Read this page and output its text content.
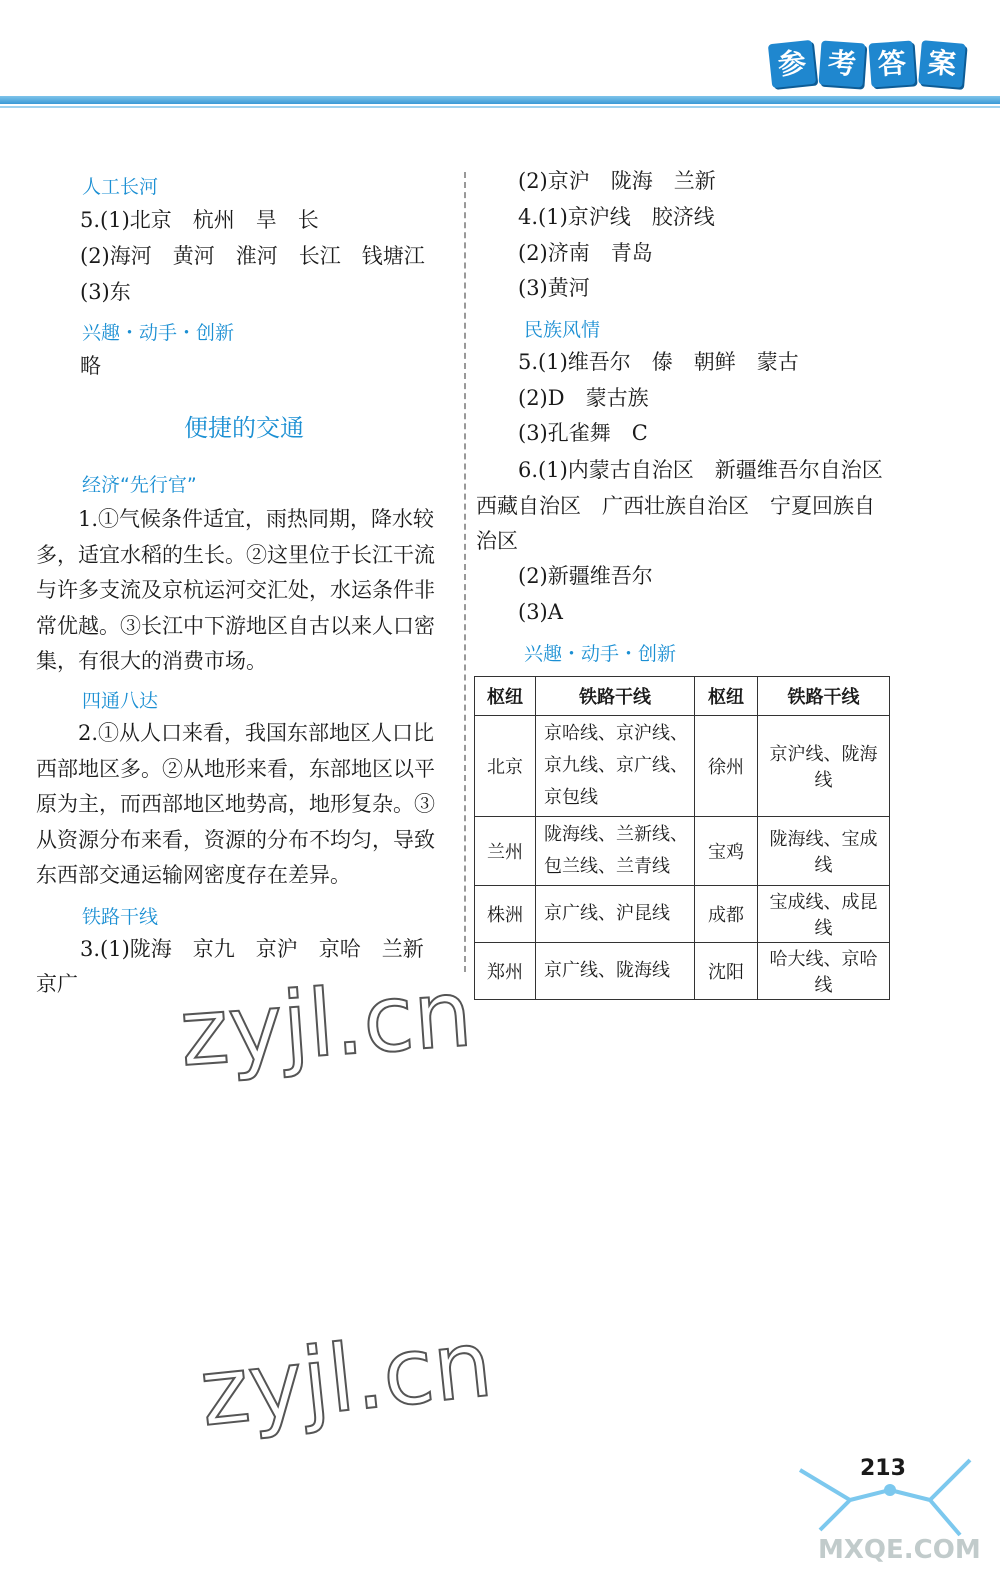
参 考 答 案
人工长河
5.(1)北京　杭州　旱　长
(2)海河　黄河　淮河　长江　钱塘江
(3)东
兴趣・动手・创新
略
便捷的交通
经济“先行官”
1.①气候条件适宜，雨热同期，降水较多，适宜水稻的生长。②这里位于长江干流与许多支流及京杭运河交汇处，水运条件非常优越。③长江中下游地区自古以来人口密集，有很大的消费市场。
四通八达
2.①从人口来看，我国东部地区人口比西部地区多。②从地形来看，东部地区以平原为主，而西部地区地势高，地形复杂。③从资源分布来看，资源的分布不均匀，导致东西部交通运输网密度存在差异。
铁路干线
3.(1)陇海　京九　京沪　京哈　兰新
京广
(2)京沪　陇海　兰新
4.(1)京沪线　胶济线
(2)济南　青岛
(3)黄河
民族风情
5.(1)维吾尔　傣　朝鲜　蒙古
(2)D　蒙古族
(3)孔雀舞　C
6.(1)内蒙古自治区　新疆维吾尔自治区　西藏自治区　广西壮族自治区　宁夏回族自治区
(2)新疆维吾尔
(3)A
兴趣・动手・创新
枢纽	铁路干线	枢纽	铁路干线
北京	京哈线、京沪线、京九线、京广线、京包线	徐州	京沪线、陇海线
兰州	陇海线、兰新线、包兰线、兰青线	宝鸡	陇海线、宝成线
株洲	京广线、沪昆线	成都	宝成线、成昆线
郑州	京广线、陇海线	沈阳	哈大线、京哈线
zyjl.cn
zyjl.cn
213
MXQE.COM
